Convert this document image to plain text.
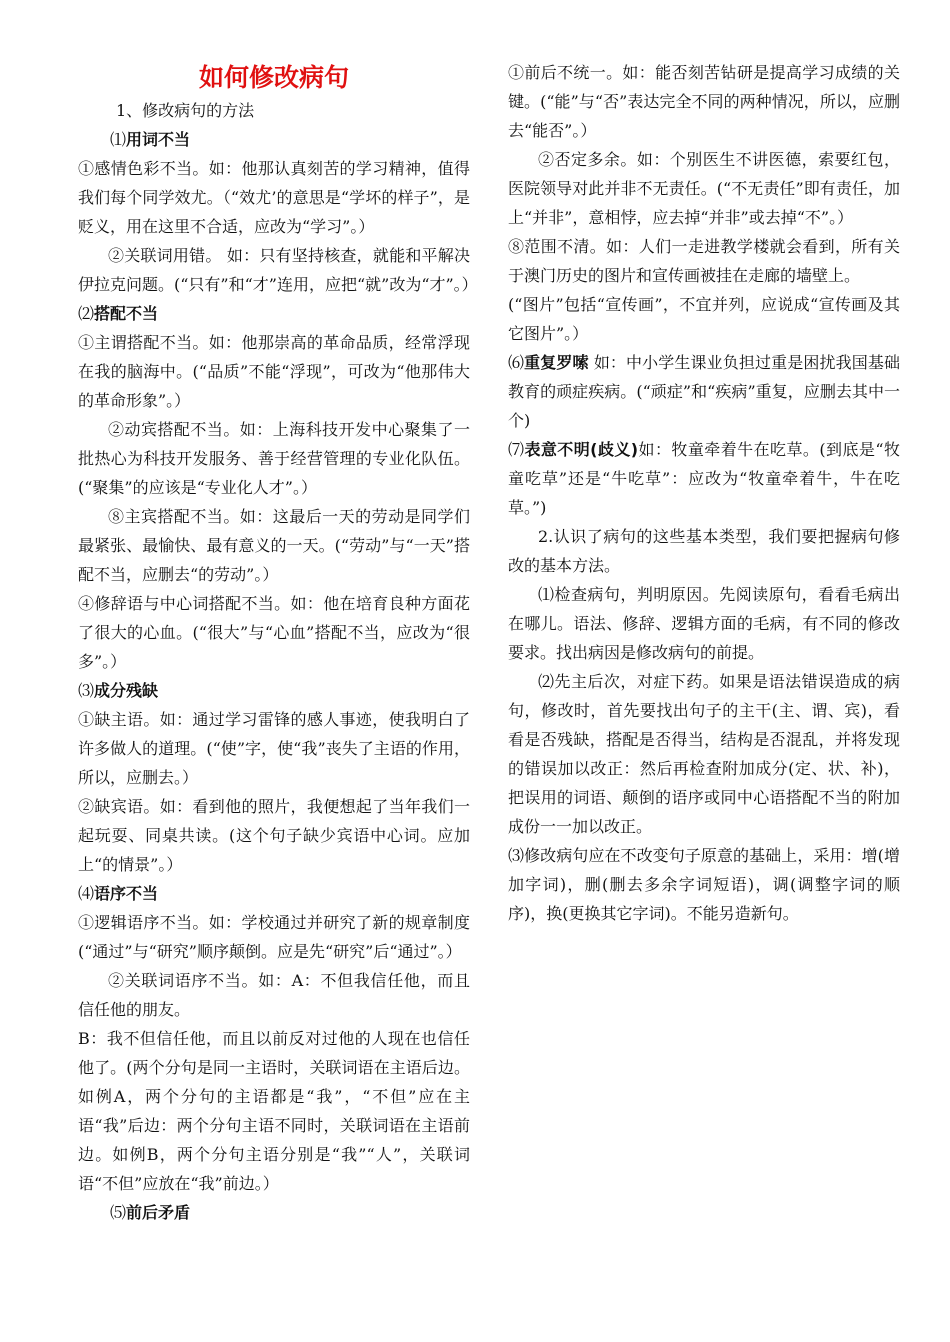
如何修改病句

1、修改病句的方法

⑴用词不当

①感情色彩不当。如：他那认真刻苦的学习精神，值得我们每个同学效尤。（“效尤’的意思是“学坏的样子”，是贬义，用在这里不合适，应改为“学习”。）

②关联词用错。 如：只有坚持核查，就能和平解决伊拉克问题。(“只有”和“才”连用，应把“就”改为“才”。）

⑵搭配不当

①主谓搭配不当。如：他那崇高的革命品质，经常浮现在我的脑海中。(“品质”不能“浮现”，可改为“他那伟大的革命形象”。）

②动宾搭配不当。如：上海科技开发中心聚集了一批热心为科技开发服务、善于经营管理的专业化队伍。(“聚集”的应该是“专业化人才”。）

⑧主宾搭配不当。如：这最后一天的劳动是同学们最紧张、最愉快、最有意义的一天。(“劳动”与“一天”搭配不当，应删去“的劳动”。）

④修辞语与中心词搭配不当。如：他在培育良种方面花了很大的心血。(“很大”与“心血”搭配不当，应改为“很多”。）

⑶成分残缺

①缺主语。如：通过学习雷锋的感人事迹，使我明白了许多做人的道理。(“使”字，使“我”丧失了主语的作用，所以，应删去。）

②缺宾语。如：看到他的照片，我便想起了当年我们一起玩耍、同桌共读。(这个句子缺少宾语中心词。应加上“的情景”。）

⑷语序不当

①逻辑语序不当。如：学校通过并研究了新的规章制度(“通过”与“研究”顺序颠倒。应是先“研究”后“通过”。）

②关联词语序不当。如：A：不但我信任他，而且信任他的朋友。

B：我不但信任他，而且以前反对过他的人现在也信任他了。(两个分句是同一主语时，关联词语在主语后边。如例A，两个分句的主语都是“我”，“不但”应在主语“我”后边：两个分句主语不同时，关联词语在主语前边。如例B，两个分句主语分别是“我”“人”，关联词语“不但”应放在“我”前边。）

⑸前后矛盾

①前后不统一。如：能否刻苦钻研是提高学习成绩的关键。(“能”与“否”表达完全不同的两种情况，所以，应删去“能否”。）

②否定多余。如：个别医生不讲医德，索要红包，医院领导对此并非不无责任。(“不无责任”即有责任，加上“并非”，意相悖，应去掉“并非”或去掉“不”。）

⑧范围不清。如：人们一走进教学楼就会看到，所有关于澳门历史的图片和宣传画被挂在走廊的墙壁上。

(“图片”包括“宣传画”，不宜并列，应说成“宣传画及其它图片”。）

⑹重复罗嗦 如：中小学生课业负担过重是困扰我国基础教育的顽症疾病。(“顽症”和“疾病”重复，应删去其中一个)

⑺表意不明(歧义)如：牧童牵着牛在吃草。(到底是“牧童吃草”还是“牛吃草”：应改为“牧童牵着牛，牛在吃草。”)

2.认识了病句的这些基本类型，我们要把握病句修改的基本方法。

⑴检查病句，判明原因。先阅读原句，看看毛病出在哪儿。语法、修辞、逻辑方面的毛病，有不同的修改要求。找出病因是修改病句的前提。

⑵先主后次，对症下药。如果是语法错误造成的病句，修改时，首先要找出句子的主干(主、谓、宾)，看看是否残缺，搭配是否得当，结构是否混乱，并将发现的错误加以改正：然后再检查附加成分(定、状、补)，把误用的词语、颠倒的语序或同中心语搭配不当的附加成份一一加以改正。

⑶修改病句应在不改变句子原意的基础上，采用：增(增加字词)，删(删去多余字词短语)，调(调整字词的顺序)，换(更换其它字词)。不能另造新句。
